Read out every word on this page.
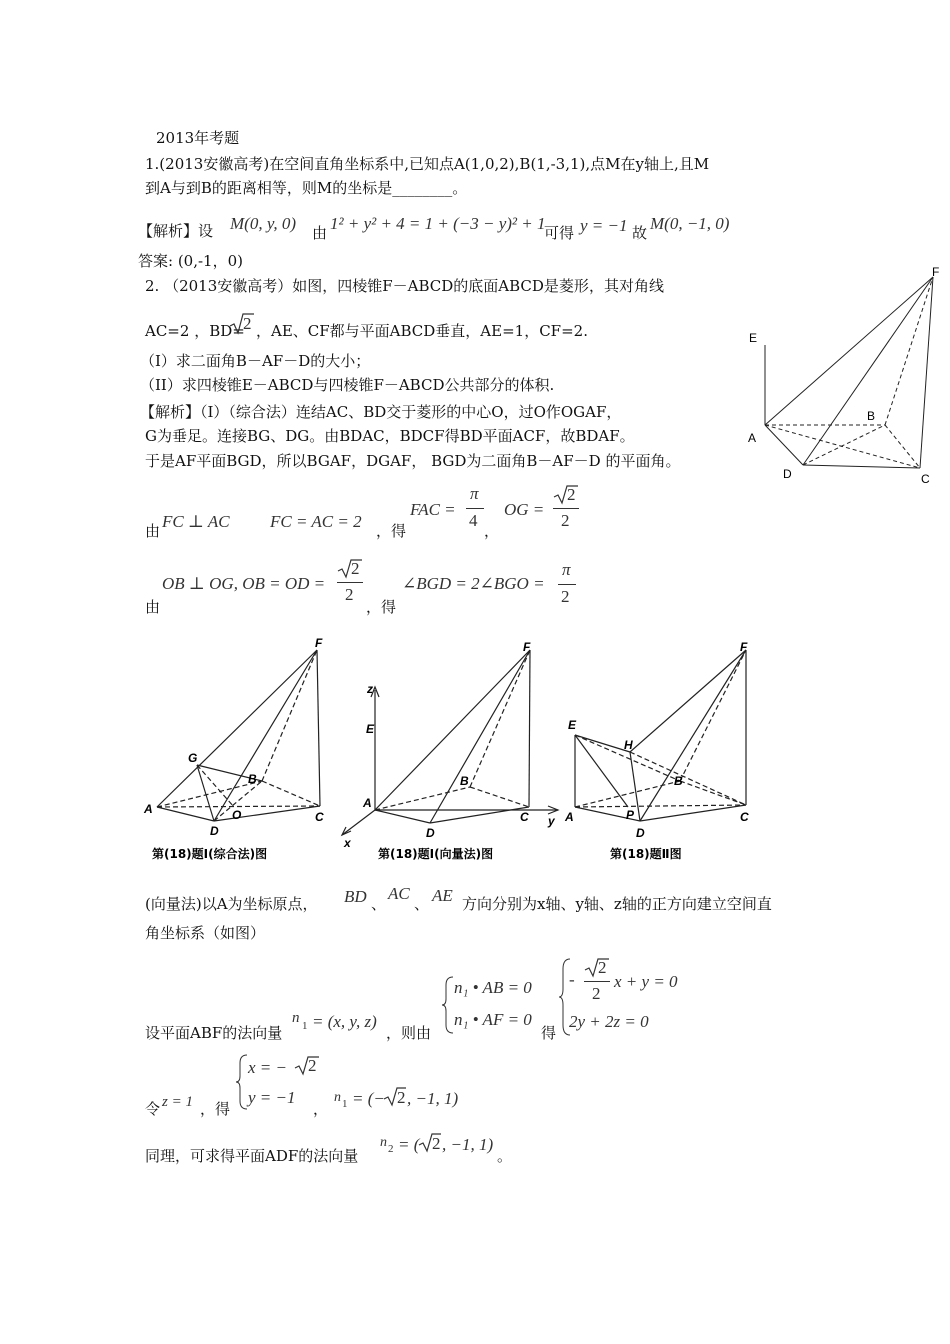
2013年考题
1.(2013安徽高考)在空间直角坐标系中,已知点A(1,0,2),B(1,-3,1),点M在y轴上,且M
到A与到B的距离相等，则M的坐标是________。
【解析】设 M(0, y, 0) 由 1² + y² + 4 = 1 + (−3 − y)² + 1
可得 y = −1 故 M(0, −1, 0)
答案: (0,-1，0)
2. （2013安徽高考）如图，四棱锥F－ABCD的底面ABCD是菱形，其对角线
AC=2 ，BD=
2 ，AE、CF都与平面ABCD垂直，AE=1，CF=2.
（I）求二面角B－AF－D的大小；
（II）求四棱锥E－ABCD与四棱锥F－ABCD公共部分的体积.
【解析】（I）（综合法）连结AC、BD交于菱形的中心O，过O作OGAF，
G为垂足。连接BG、DG。由BDAC，BDCF得BD平面ACF，故BDAF。
于是AF平面BGD，所以BGAF，DGAF， BGD为二面角B－AF－D 的平面角。
F
E
B
A
D	C
由 FC ⊥ AC FC = AC = 2 ，得
FAC =
π
4
，
OG =
2
2
由
OB ⊥ OG, OB = OD =
2
2
，得
∠BGD = 2∠BGO =
π
2
F
G
B
A	O	C
D
第(18)题Ⅰ(综合法)图
F
z
E
B
A
C y
D
x
第(18)题Ⅰ(向量法)图
F
E
H
B
A	P	C
D
第(18)题Ⅱ图
(向量法)以A为坐标原点， BD 、
AC
、 AE 方向分别为x轴、y轴、z轴的正方向建立空间直
角坐标系（如图）
设平面ABF的法向量
n 1 = (x, y, z)
，则由
n₁ • AB = 0
n₁ • AF = 0
得
-
2
2
x + y = 0
2y + 2z = 0
令 z = 1 ，得
x = − 2
y = −1
，
n 1 = (− 2 , −1, 1)
同理，可求得平面ADF的法向量
n 2 = ( 2 , −1, 1)
。
